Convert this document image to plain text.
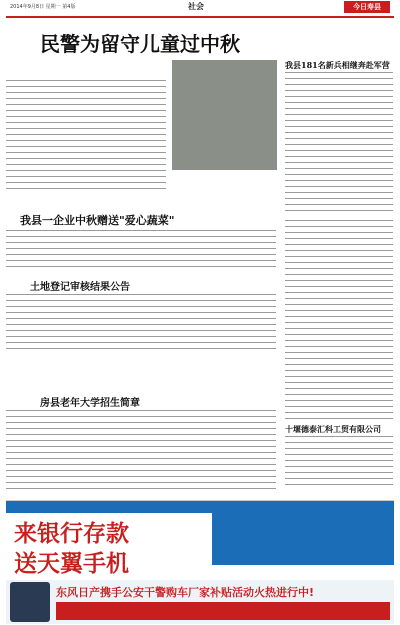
2014年9月8日 星期一 第4版	社会	今日寿县
民警为留守儿童过中秋
我县181名新兵相继奔赴军营
我县一企业中秋赠送"爱心蔬菜"
土地登记审核结果公告
房县老年大学招生简章
十堰德泰汇科工贸有限公司
来银行存款
送天翼手机
东风日产携手公安干警购车厂家补贴活动火热进行中!
